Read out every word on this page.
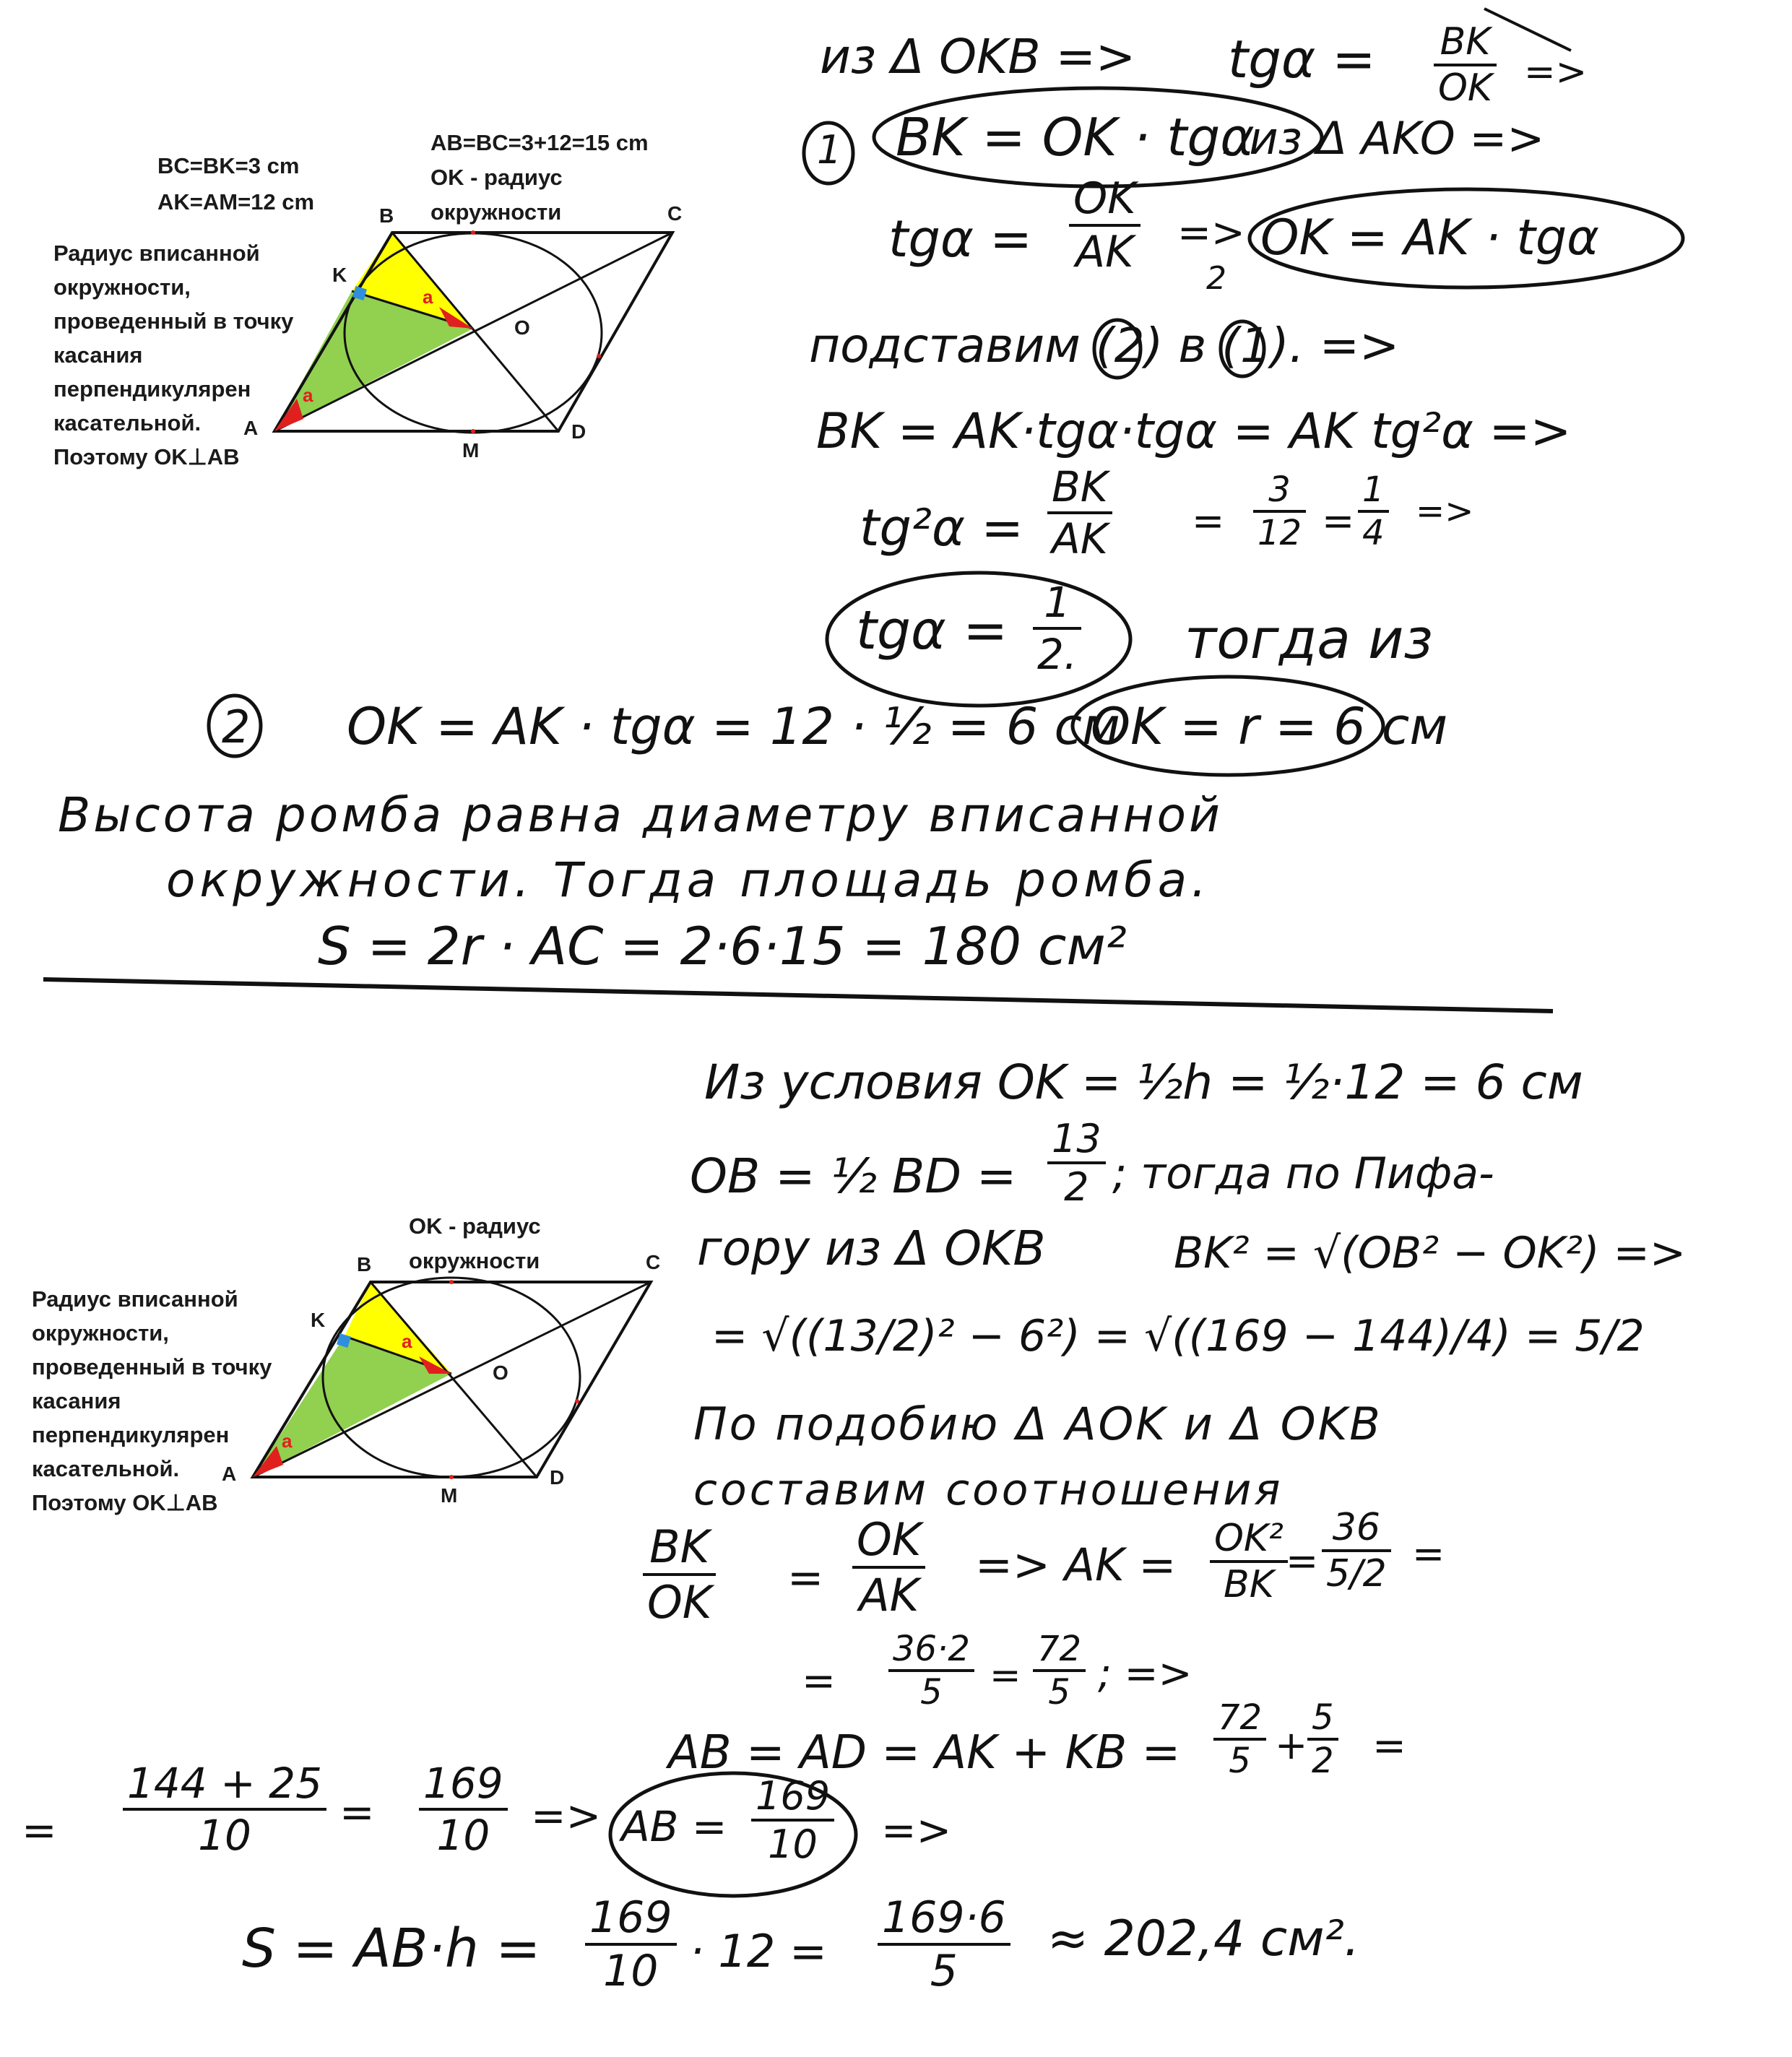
BC=BK=3 cm
AK=AM=12 cm
AB=BC=3+12=15 cm
OK - радиус
окружности
Радиус вписанной
окружности,
проведенный в точку
касания
перпендикулярен
касательной.
Поэтому OK⊥AB
B	C
A	D
K
M
O
a
a
из Δ OKB => $tg\alpha = \frac{BK}{OK}$ =>
1 BK = OK · tgα
. из Δ AKO =>
$tg\alpha = \frac{OK}{AK}$ => OK = AK · tgα
2
подставим (2) в (1). =>
BK = AK·tgα·tgα = AK tg²α =>
$tg^2\alpha = \frac{BK}{AK} = \frac{3}{12} = \frac{1}{4}$ =>
$tg\alpha = \frac{1}{2.}$ тогда из
2 OK = AK · tgα = 12 · ½ = 6 см
OK = r = 6 см
Высота ромба равна диаметру вписанной
окружности. Тогда площадь ромба.
S = 2r · AC = 2·6·15 = 180 см²
OK - радиус
окружности
Радиус вписанной
окружности,
проведенный в точку
касания
перпендикулярен
касательной.
Поэтому OK⊥AB
B	C
A	D
K
M
O
a
a
Из условия OK = ½h = ½·12 = 6 см
OB = ½ BD = $\frac{13}{2}$ ; тогда по Пифа-
гору из Δ OKB	BK² = √(OB² − OK²) =>
= √((13/2)² − 6²) = √((169 − 144)/4) = 5/2
По подобию Δ AOK и Δ OKB
составим соотношения
$\frac{BK}{OK} = \frac{OK}{AK}$ => AK = $\frac{\text{OK²}}{BK}$
= $\frac{36}{5/2}$ =
= $\frac{36\cdot 2}{5} = \frac{72}{5}$ ; =>
AB = AD = AK + KB = $\frac{72}{5} + \frac{5}{2}$ =
= $\frac{144 + 25}{10} = \frac{169}{10}$ => AB = $\frac{169}{10}$ =>
$S = AB\cdot h = \frac{169}{10} \cdot 12 = \frac{169\cdot 6}{5} \approx 202,4$ см².
